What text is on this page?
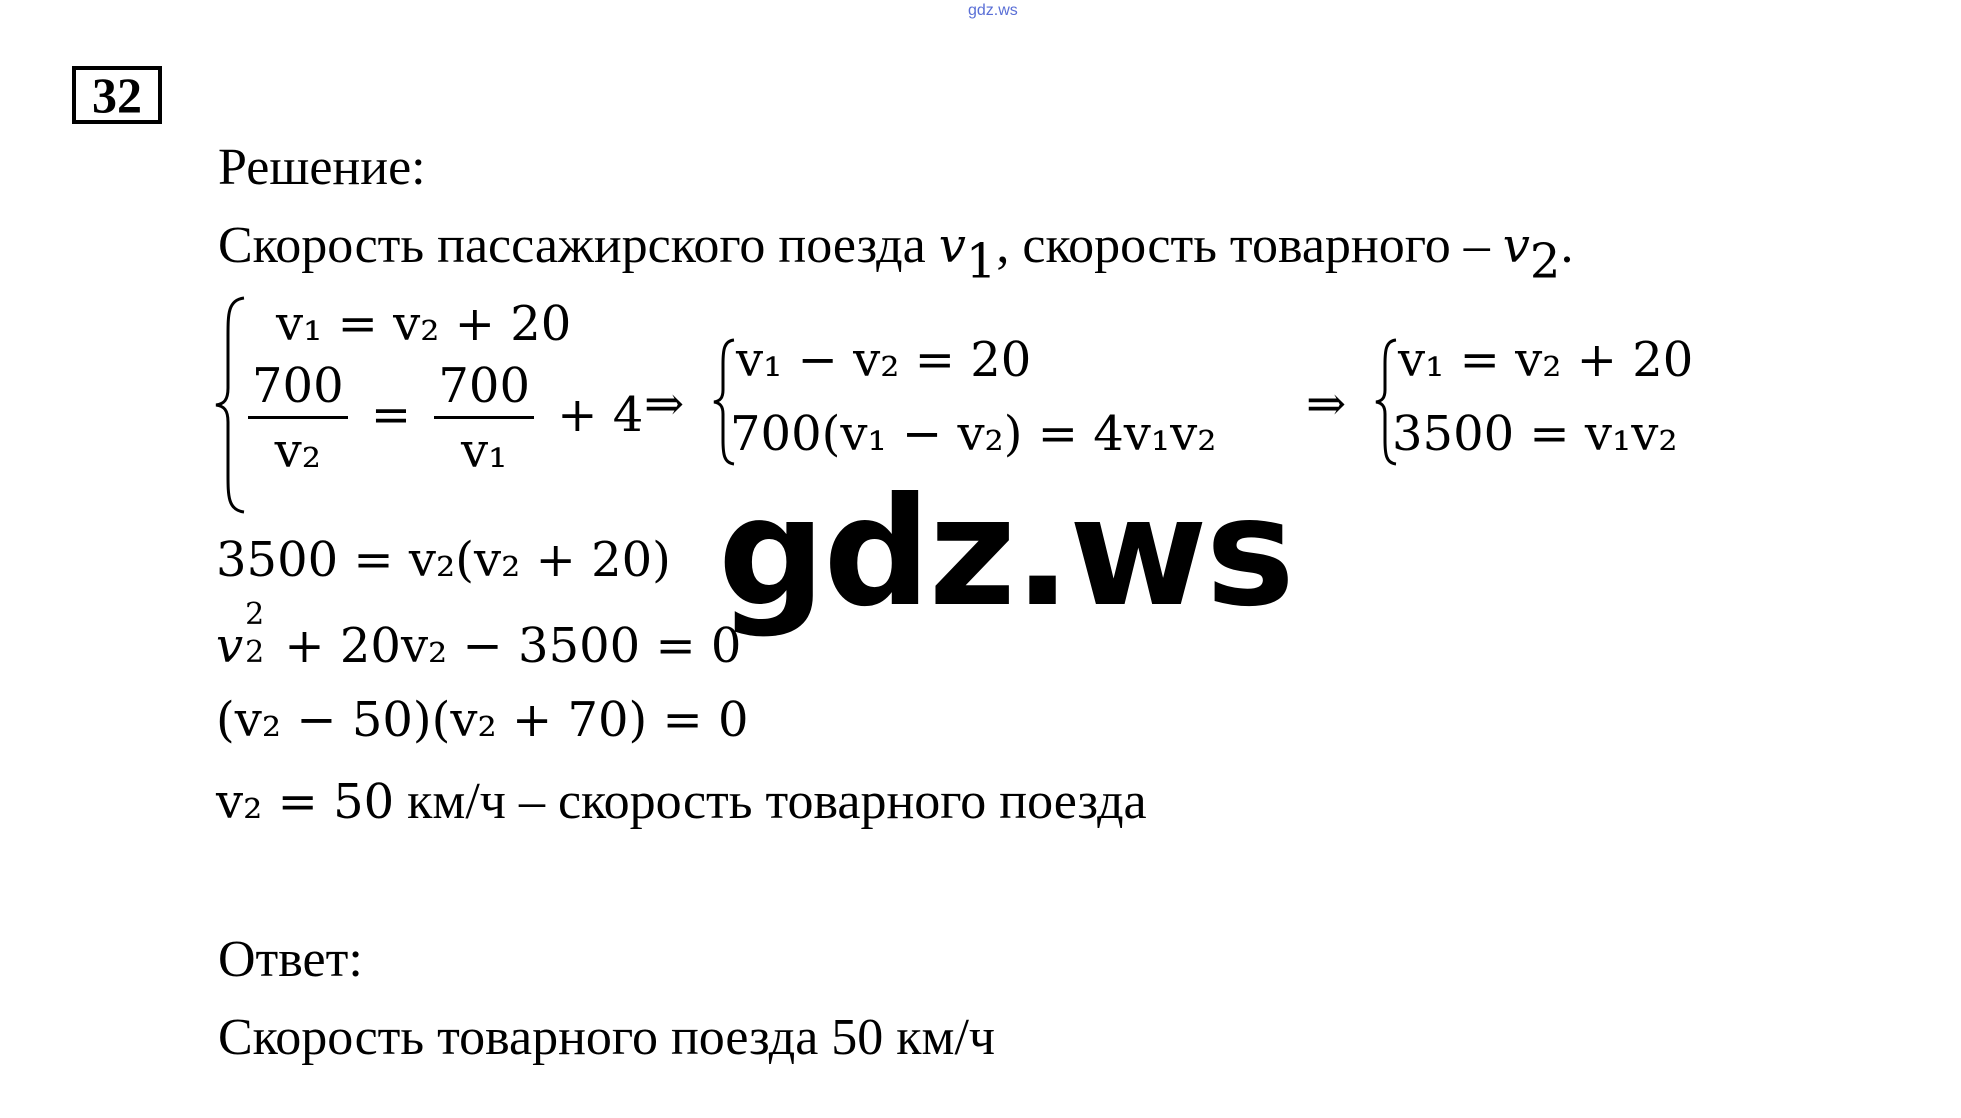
gdz.ws
32
Решение:
Скорость пассажирского поезда $v_1$, скорость товарного – $v_2$.
v₁ = v₂ + 20
$\frac{700}{\text{v₂}} = \frac{700}{\text{v₁}} + 4$ ⇒
v₁ − v₂ = 20
700(v₁ − v₂) = 4v₁v₂
⇒
v₁ = v₂ + 20
3500 = v₁v₂
3500 = v₂(v₂ + 20)
v
2
2 + 20v₂ − 3500 = 0
(v₂ − 50)(v₂ + 70) = 0
v₂ = 50 км/ч – скорость товарного поезда
Ответ:
Скорость товарного поезда 50 км/ч
gdz.ws
